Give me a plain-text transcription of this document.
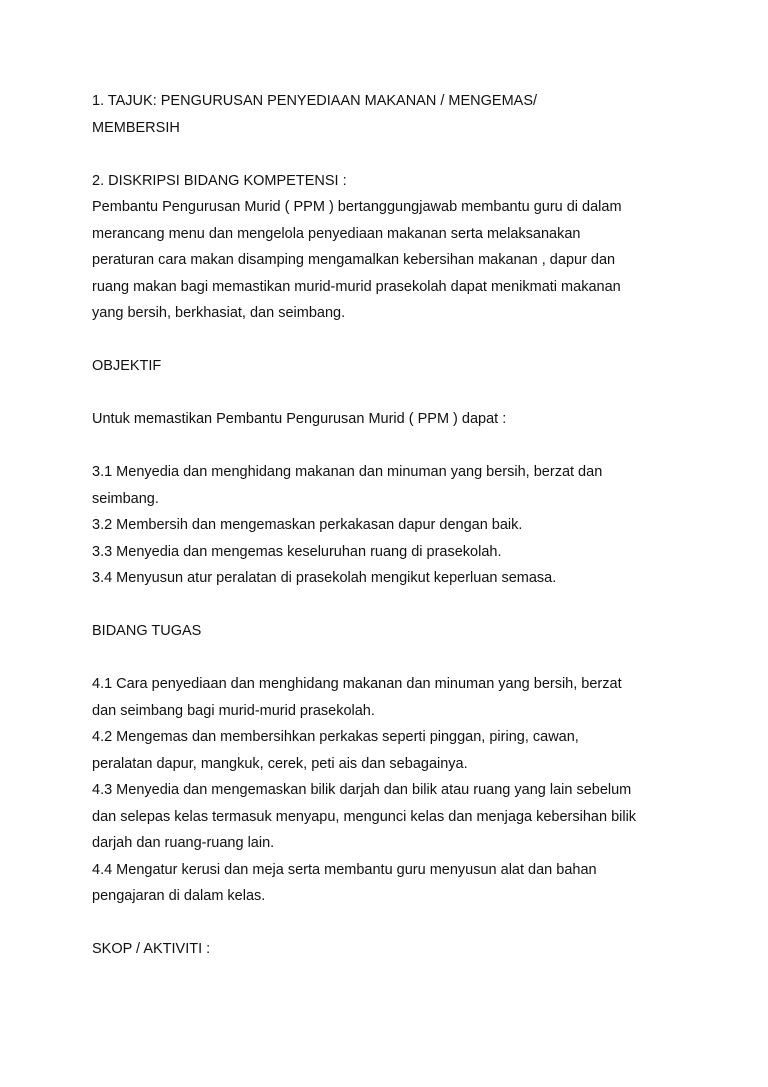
1. TAJUK: PENGURUSAN PENYEDIAAN MAKANAN / MENGEMAS/
MEMBERSIH
2. DISKRIPSI BIDANG KOMPETENSI :
Pembantu Pengurusan Murid ( PPM ) bertanggungjawab membantu guru di dalam
merancang menu dan mengelola penyediaan makanan serta melaksanakan
peraturan cara makan disamping mengamalkan kebersihan makanan , dapur dan
ruang makan bagi memastikan murid-murid prasekolah dapat menikmati makanan
yang bersih, berkhasiat, dan seimbang.
OBJEKTIF
Untuk memastikan Pembantu Pengurusan Murid ( PPM ) dapat :
3.1 Menyedia dan menghidang makanan dan minuman yang bersih, berzat dan
seimbang.
3.2 Membersih dan mengemaskan perkakasan dapur dengan baik.
3.3 Menyedia dan mengemas keseluruhan ruang di prasekolah.
3.4 Menyusun atur peralatan di prasekolah mengikut keperluan semasa.
BIDANG TUGAS
4.1 Cara penyediaan dan menghidang makanan dan minuman yang bersih, berzat
dan seimbang bagi murid-murid prasekolah.
4.2 Mengemas dan membersihkan perkakas seperti pinggan, piring, cawan,
peralatan dapur, mangkuk, cerek, peti ais dan sebagainya.
4.3 Menyedia dan mengemaskan bilik darjah dan bilik atau ruang yang lain sebelum
dan selepas kelas termasuk menyapu, mengunci kelas dan menjaga kebersihan bilik
darjah dan ruang-ruang lain.
4.4 Mengatur kerusi dan meja serta membantu guru menyusun alat dan bahan
pengajaran di dalam kelas.
SKOP / AKTIVITI :
